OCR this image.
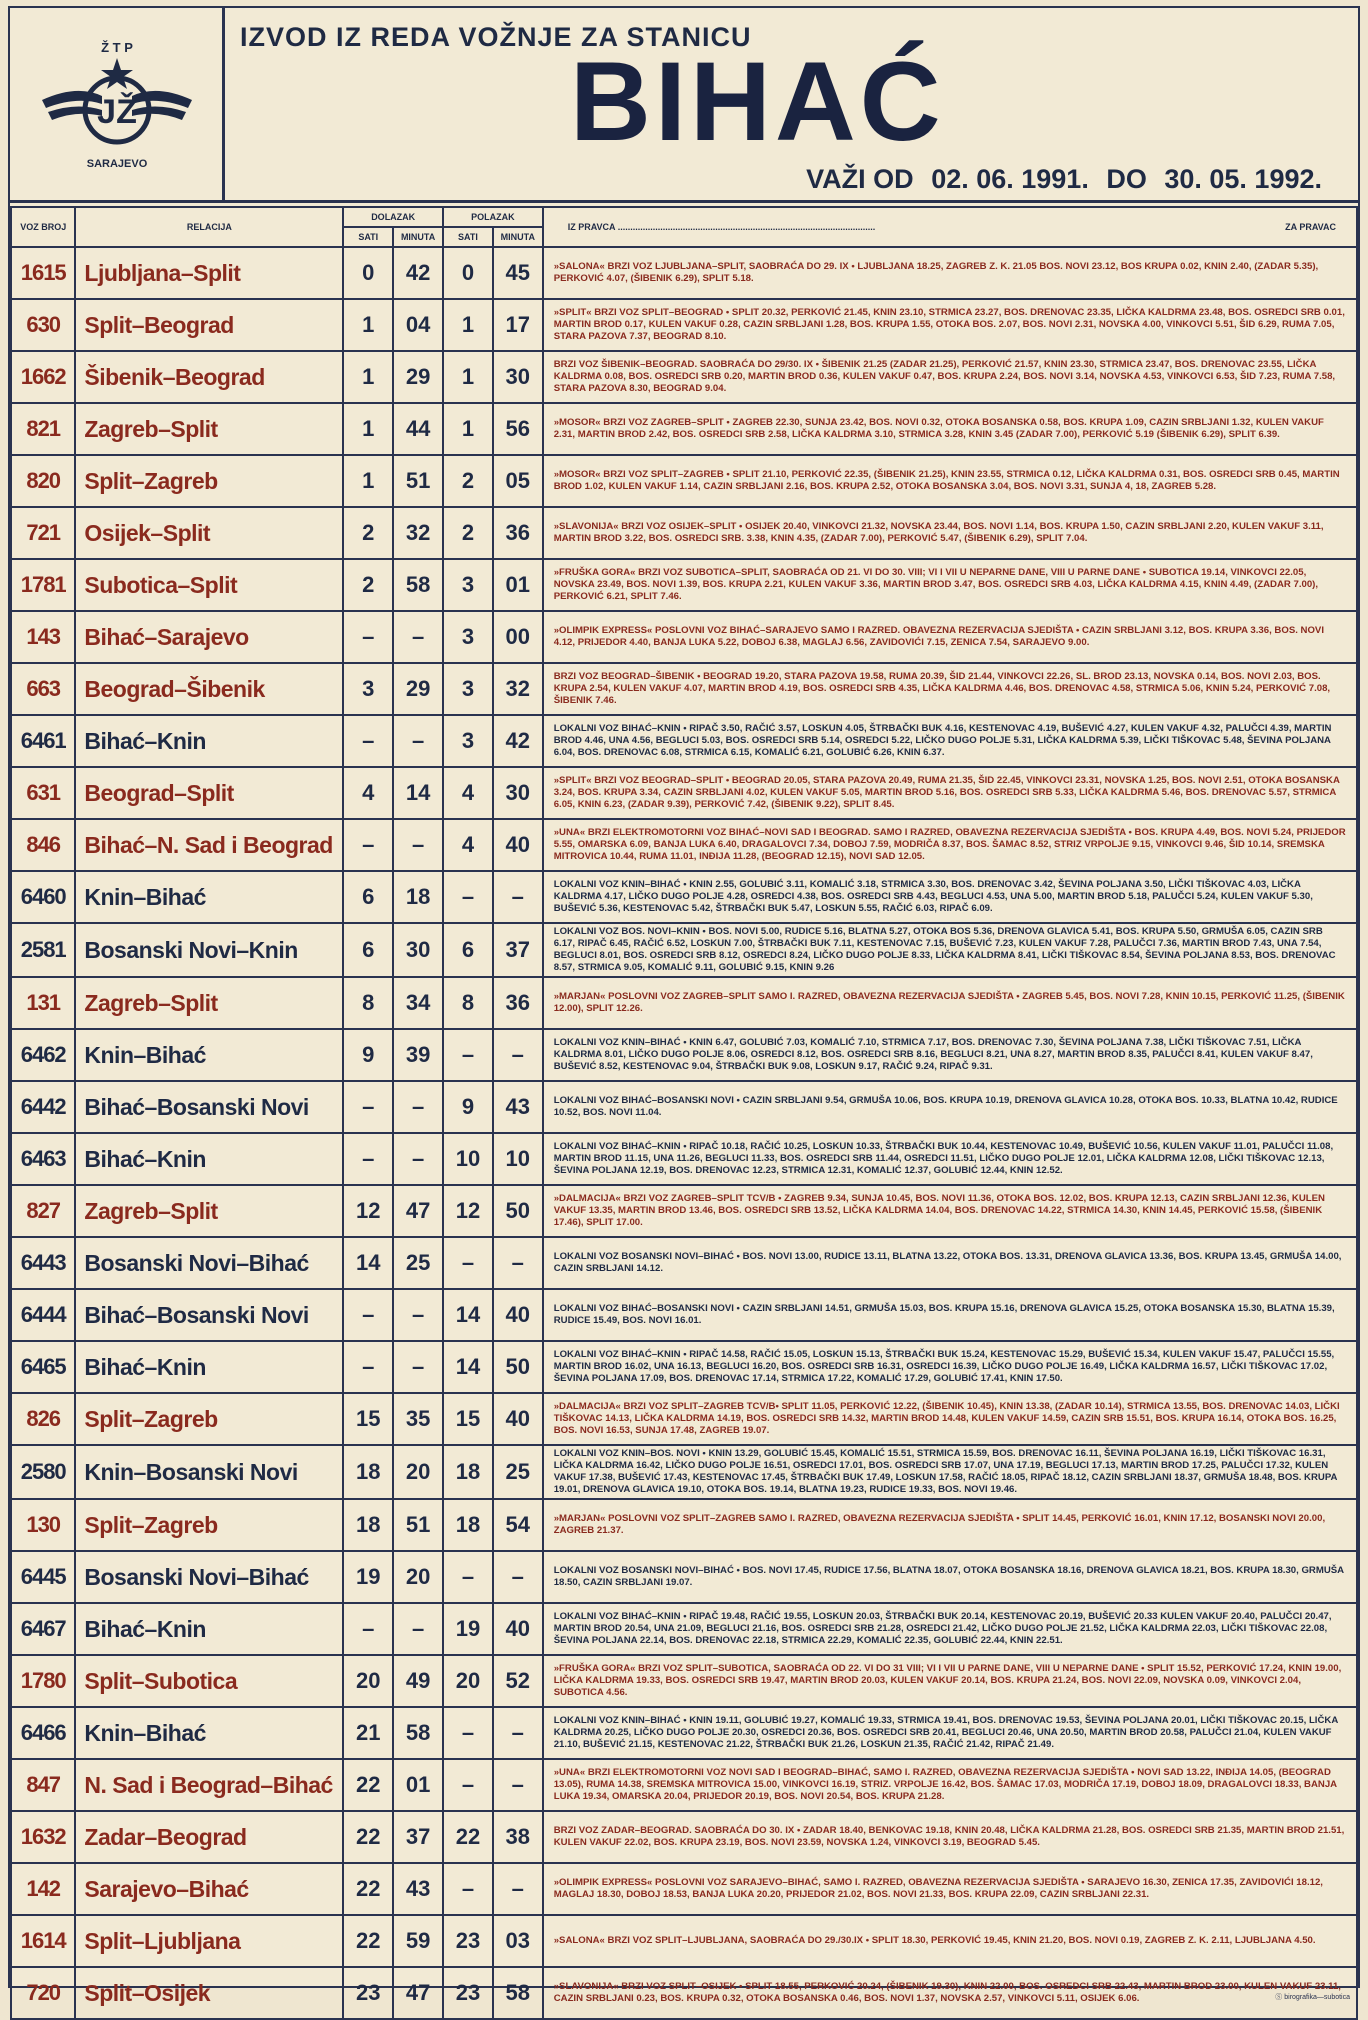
Ž T P
JŽ
SARAJEVO
IZVOD IZ REDA VOŽNJE ZA STANICU
BIHAĆ
VAŽI OD 02. 06. 1991. DO 30. 05. 1992.
VOZ BROJ	RELACIJA	DOLAZAK		POLAZAK		IZ PRAVCA ....................................................................................................... ZA PRAVAC

		SATI	MINUTA	SATI	MINUTA	
1615	Ljubljana–Split	0	42	0	45	»SALONA« BRZI VOZ LJUBLJANA–SPLIT, SAOBRAĆA DO 29. IX • LJUBLJANA 18.25, ZAGREB Z. K. 21.05 BOS. NOVI 23.12, BOS KRUPA 0.02, KNIN 2.40, (ZADAR 5.35), PERKOVIĆ 4.07, (ŠIBENIK 6.29), SPLIT 5.18.
630	Split–Beograd	1	04	1	17	»SPLIT« BRZI VOZ SPLIT–BEOGRAD • SPLIT 20.32, PERKOVIĆ 21.45, KNIN 23.10, STRMICA 23.27, BOS. DRENOVAC 23.35, LIČKA KALDRMA 23.48, BOS. OSREDCI SRB 0.01, MARTIN BROD 0.17, KULEN VAKUF 0.28, CAZIN SRBLJANI 1.28, BOS. KRUPA 1.55, OTOKA BOS. 2.07, BOS. NOVI 2.31, NOVSKA 4.00, VINKOVCI 5.51, ŠID 6.29, RUMA 7.05, STARA PAZOVA 7.37, BEOGRAD 8.10.
1662	Šibenik–Beograd	1	29	1	30	BRZI VOZ ŠIBENIK–BEOGRAD. SAOBRAĆA DO 29/30. IX • ŠIBENIK 21.25 (ZADAR 21.25), PERKOVIĆ 21.57, KNIN 23.30, STRMICA 23.47, BOS. DRENOVAC 23.55, LIČKA KALDRMA 0.08, BOS. OSREDCI SRB 0.20, MARTIN BROD 0.36, KULEN VAKUF 0.47, BOS. KRUPA 2.24, BOS. NOVI 3.14, NOVSKA 4.53, VINKOVCI 6.53, ŠID 7.23, RUMA 7.58, STARA PAZOVA 8.30, BEOGRAD 9.04.
821	Zagreb–Split	1	44	1	56	»MOSOR« BRZI VOZ ZAGREB–SPLIT • ZAGREB 22.30, SUNJA 23.42, BOS. NOVI 0.32, OTOKA BOSANSKA 0.58, BOS. KRUPA 1.09, CAZIN SRBLJANI 1.32, KULEN VAKUF 2.31, MARTIN BROD 2.42, BOS. OSREDCI SRB 2.58, LIČKA KALDRMA 3.10, STRMICA 3.28, KNIN 3.45 (ZADAR 7.00), PERKOVIĆ 5.19 (ŠIBENIK 6.29), SPLIT 6.39.
820	Split–Zagreb	1	51	2	05	»MOSOR« BRZI VOZ SPLIT–ZAGREB • SPLIT 21.10, PERKOVIĆ 22.35, (ŠIBENIK 21.25), KNIN 23.55, STRMICA 0.12, LIČKA KALDRMA 0.31, BOS. OSREDCI SRB 0.45, MARTIN BROD 1.02, KULEN VAKUF 1.14, CAZIN SRBLJANI 2.16, BOS. KRUPA 2.52, OTOKA BOSANSKA 3.04, BOS. NOVI 3.31, SUNJA 4, 18, ZAGREB 5.28.
721	Osijek–Split	2	32	2	36	»SLAVONIJA« BRZI VOZ OSIJEK–SPLIT • OSIJEK 20.40, VINKOVCI 21.32, NOVSKA 23.44, BOS. NOVI 1.14, BOS. KRUPA 1.50, CAZIN SRBLJANI 2.20, KULEN VAKUF 3.11, MARTIN BROD 3.22, BOS. OSREDCI SRB. 3.38, KNIN 4.35, (ZADAR 7.00), PERKOVIĆ 5.47, (ŠIBENIK 6.29), SPLIT 7.04.
1781	Subotica–Split	2	58	3	01	»FRUŠKA GORA« BRZI VOZ SUBOTICA–SPLIT, SAOBRAĆA OD 21. VI DO 30. VIII; VI I VII U NEPARNE DANE, VIII U PARNE DANE • SUBOTICA 19.14, VINKOVCI 22.05, NOVSKA 23.49, BOS. NOVI 1.39, BOS. KRUPA 2.21, KULEN VAKUF 3.36, MARTIN BROD 3.47, BOS. OSREDCI SRB 4.03, LIČKA KALDRMA 4.15, KNIN 4.49, (ZADAR 7.00), PERKOVIĆ 6.21, SPLIT 7.46.
143	Bihać–Sarajevo	–	–	3	00	»OLIMPIK EXPRESS« POSLOVNI VOZ BIHAĆ–SARAJEVO SAMO I RAZRED. OBAVEZNA REZERVACIJA SJEDIŠTA • CAZIN SRBLJANI 3.12, BOS. KRUPA 3.36, BOS. NOVI 4.12, PRIJEDOR 4.40, BANJA LUKA 5.22, DOBOJ 6.38, MAGLAJ 6.56, ZAVIDOVIĆI 7.15, ZENICA 7.54, SARAJEVO 9.00.
663	Beograd–Šibenik	3	29	3	32	BRZI VOZ BEOGRAD–ŠIBENIK • BEOGRAD 19.20, STARA PAZOVA 19.58, RUMA 20.39, ŠID 21.44, VINKOVCI 22.26, SL. BROD 23.13, NOVSKA 0.14, BOS. NOVI 2.03, BOS. KRUPA 2.54, KULEN VAKUF 4.07, MARTIN BROD 4.19, BOS. OSREDCI SRB 4.35, LIČKA KALDRMA 4.46, BOS. DRENOVAC 4.58, STRMICA 5.06, KNIN 5.24, PERKOVIĆ 7.08, ŠIBENIK 7.46.
6461	Bihać–Knin	–	–	3	42	LOKALNI VOZ BIHAĆ–KNIN • RIPAČ 3.50, RAČIĆ 3.57, LOSKUN 4.05, ŠTRBAČKI BUK 4.16, KESTENOVAC 4.19, BUŠEVIĆ 4.27, KULEN VAKUF 4.32, PALUČCI 4.39, MARTIN BROD 4.46, UNA 4.56, BEGLUCI 5.03, BOS. OSREDCI SRB 5.14, OSREDCI 5.22, LIČKO DUGO POLJE 5.31, LIČKA KALDRMA 5.39, LIČKI TIŠKOVAC 5.48, ŠEVINA POLJANA 6.04, BOS. DRENOVAC 6.08, STRMICA 6.15, KOMALIĆ 6.21, GOLUBIĆ 6.26, KNIN 6.37.
631	Beograd–Split	4	14	4	30	»SPLIT« BRZI VOZ BEOGRAD–SPLIT • BEOGRAD 20.05, STARA PAZOVA 20.49, RUMA 21.35, ŠID 22.45, VINKOVCI 23.31, NOVSKA 1.25, BOS. NOVI 2.51, OTOKA BOSANSKA 3.24, BOS. KRUPA 3.34, CAZIN SRBLJANI 4.02, KULEN VAKUF 5.05, MARTIN BROD 5.16, BOS. OSREDCI SRB 5.33, LIČKA KALDRMA 5.46, BOS. DRENOVAC 5.57, STRMICA 6.05, KNIN 6.23, (ZADAR 9.39), PERKOVIĆ 7.42, (ŠIBENIK 9.22), SPLIT 8.45.
846	Bihać–N. Sad i Beograd	–	–	4	40	»UNA« BRZI ELEKTROMOTORNI VOZ BIHAĆ–NOVI SAD I BEOGRAD. SAMO I RAZRED, OBAVEZNA REZERVACIJA SJEDIŠTA • BOS. KRUPA 4.49, BOS. NOVI 5.24, PRIJEDOR 5.55, OMARSKA 6.09, BANJA LUKA 6.40, DRAGALOVCI 7.34, DOBOJ 7.59, MODRIČA 8.37, BOS. ŠAMAC 8.52, STRIZ VRPOLJE 9.15, VINKOVCI 9.46, ŠID 10.14, SREMSKA MITROVICA 10.44, RUMA 11.01, INĐIJA 11.28, (BEOGRAD 12.15), NOVI SAD 12.05.
6460	Knin–Bihać	6	18	–	–	LOKALNI VOZ KNIN–BIHAĆ • KNIN 2.55, GOLUBIĆ 3.11, KOMALIĆ 3.18, STRMICA 3.30, BOS. DRENOVAC 3.42, ŠEVINA POLJANA 3.50, LIČKI TIŠKOVAC 4.03, LIČKA KALDRMA 4.17, LIČKO DUGO POLJE 4.28, OSREDCI 4.38, BOS. OSREDCI SRB 4.43, BEGLUCI 4.53, UNA 5.00, MARTIN BROD 5.18, PALUČCI 5.24, KULEN VAKUF 5.30, BUŠEVIĆ 5.36, KESTENOVAC 5.42, ŠTRBAČKI BUK 5.47, LOSKUN 5.55, RAČIĆ 6.03, RIPAČ 6.09.
2581	Bosanski Novi–Knin	6	30	6	37	LOKALNI VOZ BOS. NOVI–KNIN • BOS. NOVI 5.00, RUDICE 5.16, BLATNA 5.27, OTOKA BOS 5.36, DRENOVA GLAVICA 5.41, BOS. KRUPA 5.50, GRMUŠA 6.05, CAZIN SRB 6.17, RIPAČ 6.45, RAČIĆ 6.52, LOSKUN 7.00, ŠTRBAČKI BUK 7.11, KESTENOVAC 7.15, BUŠEVIĆ 7.23, KULEN VAKUF 7.28, PALUČCI 7.36, MARTIN BROD 7.43, UNA 7.54, BEGLUCI 8.01, BOS. OSREDCI SRB 8.12, OSREDCI 8.24, LIČKO DUGO POLJE 8.33, LIČKA KALDRMA 8.41, LIČKI TIŠKOVAC 8.54, ŠEVINA POLJANA 8.53, BOS. DRENOVAC 8.57, STRMICA 9.05, KOMALIĆ 9.11, GOLUBIĆ 9.15, KNIN 9.26
131	Zagreb–Split	8	34	8	36	»MARJAN« POSLOVNI VOZ ZAGREB–SPLIT SAMO I. RAZRED, OBAVEZNA REZERVACIJA SJEDIŠTA • ZAGREB 5.45, BOS. NOVI 7.28, KNIN 10.15, PERKOVIĆ 11.25, (ŠIBENIK 12.00), SPLIT 12.26.
6462	Knin–Bihać	9	39	–	–	LOKALNI VOZ KNIN–BIHAĆ • KNIN 6.47, GOLUBIĆ 7.03, KOMALIĆ 7.10, STRMICA 7.17, BOS. DRENOVAC 7.30, ŠEVINA POLJANA 7.38, LIČKI TIŠKOVAC 7.51, LIČKA KALDRMA 8.01, LIČKO DUGO POLJE 8.06, OSREDCI 8.12, BOS. OSREDCI SRB 8.16, BEGLUCI 8.21, UNA 8.27, MARTIN BROD 8.35, PALUČCI 8.41, KULEN VAKUF 8.47, BUŠEVIĆ 8.52, KESTENOVAC 9.04, ŠTRBAČKI BUK 9.08, LOSKUN 9.17, RAČIĆ 9.24, RIPAČ 9.31.
6442	Bihać–Bosanski Novi	–	–	9	43	LOKALNI VOZ BIHAĆ–BOSANSKI NOVI • CAZIN SRBLJANI 9.54, GRMUŠA 10.06, BOS. KRUPA 10.19, DRENOVA GLAVICA 10.28, OTOKA BOS. 10.33, BLATNA 10.42, RUDICE 10.52, BOS. NOVI 11.04.
6463	Bihać–Knin	–	–	10	10	LOKALNI VOZ BIHAĆ–KNIN • RIPAČ 10.18, RAČIĆ 10.25, LOSKUN 10.33, ŠTRBAČKI BUK 10.44, KESTENOVAC 10.49, BUŠEVIĆ 10.56, KULEN VAKUF 11.01, PALUČCI 11.08, MARTIN BROD 11.15, UNA 11.26, BEGLUCI 11.33, BOS. OSREDCI SRB 11.44, OSREDCI 11.51, LIČKO DUGO POLJE 12.01, LIČKA KALDRMA 12.08, LIČKI TIŠKOVAC 12.13, ŠEVINA POLJANA 12.19, BOS. DRENOVAC 12.23, STRMICA 12.31, KOMALIĆ 12.37, GOLUBIĆ 12.44, KNIN 12.52.
827	Zagreb–Split	12	47	12	50	»DALMACIJA« BRZI VOZ ZAGREB–SPLIT TCV/B • ZAGREB 9.34, SUNJA 10.45, BOS. NOVI 11.36, OTOKA BOS. 12.02, BOS. KRUPA 12.13, CAZIN SRBLJANI 12.36, KULEN VAKUF 13.35, MARTIN BROD 13.46, BOS. OSREDCI SRB 13.52, LIČKA KALDRMA 14.04, BOS. DRENOVAC 14.22, STRMICA 14.30, KNIN 14.45, PERKOVIĆ 15.58, (ŠIBENIK 17.46), SPLIT 17.00.
6443	Bosanski Novi–Bihać	14	25	–	–	LOKALNI VOZ BOSANSKI NOVI–BIHAĆ • BOS. NOVI 13.00, RUDICE 13.11, BLATNA 13.22, OTOKA BOS. 13.31, DRENOVA GLAVICA 13.36, BOS. KRUPA 13.45, GRMUŠA 14.00, CAZIN SRBLJANI 14.12.
6444	Bihać–Bosanski Novi	–	–	14	40	LOKALNI VOZ BIHAĆ–BOSANSKI NOVI • CAZIN SRBLJANI 14.51, GRMUŠA 15.03, BOS. KRUPA 15.16, DRENOVA GLAVICA 15.25, OTOKA BOSANSKA 15.30, BLATNA 15.39, RUDICE 15.49, BOS. NOVI 16.01.
6465	Bihać–Knin	–	–	14	50	LOKALNI VOZ BIHAĆ–KNIN • RIPAČ 14.58, RAČIĆ 15.05, LOSKUN 15.13, ŠTRBAČKI BUK 15.24, KESTENOVAC 15.29, BUŠEVIĆ 15.34, KULEN VAKUF 15.47, PALUČCI 15.55, MARTIN BROD 16.02, UNA 16.13, BEGLUCI 16.20, BOS. OSREDCI SRB 16.31, OSREDCI 16.39, LIČKO DUGO POLJE 16.49, LIČKA KALDRMA 16.57, LIČKI TIŠKOVAC 17.02, ŠEVINA POLJANA 17.09, BOS. DRENOVAC 17.14, STRMICA 17.22, KOMALIĆ 17.29, GOLUBIĆ 17.41, KNIN 17.50.
826	Split–Zagreb	15	35	15	40	»DALMACIJA« BRZI VOZ SPLIT–ZAGREB TCV/B• SPLIT 11.05, PERKOVIĆ 12.22, (ŠIBENIK 10.45), KNIN 13.38, (ZADAR 10.14), STRMICA 13.55, BOS. DRENOVAC 14.03, LIČKI TIŠKOVAC 14.13, LIČKA KALDRMA 14.19, BOS. OSREDCI SRB 14.32, MARTIN BROD 14.48, KULEN VAKUF 14.59, CAZIN SRB 15.51, BOS. KRUPA 16.14, OTOKA BOS. 16.25, BOS. NOVI 16.53, SUNJA 17.48, ZAGREB 19.07.
2580	Knin–Bosanski Novi	18	20	18	25	LOKALNI VOZ KNIN–BOS. NOVI • KNIN 13.29, GOLUBIĆ 15.45, KOMALIĆ 15.51, STRMICA 15.59, BOS. DRENOVAC 16.11, ŠEVINA POLJANA 16.19, LIČKI TIŠKOVAC 16.31, LIČKA KALDRMA 16.42, LIČKO DUGO POLJE 16.51, OSREDCI 17.01, BOS. OSREDCI SRB 17.07, UNA 17.19, BEGLUCI 17.13, MARTIN BROD 17.25, PALUČCI 17.32, KULEN VAKUF 17.38, BUŠEVIĆ 17.43, KESTENOVAC 17.45, ŠTRBAČKI BUK 17.49, LOSKUN 17.58, RAČIĆ 18.05, RIPAČ 18.12, CAZIN SRBLJANI 18.37, GRMUŠA 18.48, BOS. KRUPA 19.01, DRENOVA GLAVICA 19.10, OTOKA BOS. 19.14, BLATNA 19.23, RUDICE 19.33, BOS. NOVI 19.46.
130	Split–Zagreb	18	51	18	54	»MARJAN« POSLOVNI VOZ SPLIT–ZAGREB SAMO I. RAZRED, OBAVEZNA REZERVACIJA SJEDIŠTA • SPLIT 14.45, PERKOVIĆ 16.01, KNIN 17.12, BOSANSKI NOVI 20.00, ZAGREB 21.37.
6445	Bosanski Novi–Bihać	19	20	–	–	LOKALNI VOZ BOSANSKI NOVI–BIHAĆ • BOS. NOVI 17.45, RUDICE 17.56, BLATNA 18.07, OTOKA BOSANSKA 18.16, DRENOVA GLAVICA 18.21, BOS. KRUPA 18.30, GRMUŠA 18.50, CAZIN SRBLJANI 19.07.
6467	Bihać–Knin	–	–	19	40	LOKALNI VOZ BIHAĆ–KNIN • RIPAČ 19.48, RAČIĆ 19.55, LOSKUN 20.03, ŠTRBAČKI BUK 20.14, KESTENOVAC 20.19, BUŠEVIĆ 20.33 KULEN VAKUF 20.40, PALUČCI 20.47, MARTIN BROD 20.54, UNA 21.09, BEGLUCI 21.16, BOS. OSREDCI SRB 21.28, OSREDCI 21.42, LIČKO DUGO POLJE 21.52, LIČKA KALDRMA 22.03, LIČKI TIŠKOVAC 22.08, ŠEVINA POLJANA 22.14, BOS. DRENOVAC 22.18, STRMICA 22.29, KOMALIĆ 22.35, GOLUBIĆ 22.44, KNIN 22.51.
1780	Split–Subotica	20	49	20	52	»FRUŠKA GORA« BRZI VOZ SPLIT–SUBOTICA, SAOBRAĆA OD 22. VI DO 31 VIII; VI I VII U PARNE DANE, VIII U NEPARNE DANE • SPLIT 15.52, PERKOVIĆ 17.24, KNIN 19.00, LIČKA KALDRMA 19.33, BOS. OSREDCI SRB 19.47, MARTIN BROD 20.03, KULEN VAKUF 20.14, BOS. KRUPA 21.24, BOS. NOVI 22.09, NOVSKA 0.09, VINKOVCI 2.04, SUBOTICA 4.56.
6466	Knin–Bihać	21	58	–	–	LOKALNI VOZ KNIN–BIHAĆ • KNIN 19.11, GOLUBIĆ 19.27, KOMALIĆ 19.33, STRMICA 19.41, BOS. DRENOVAC 19.53, ŠEVINA POLJANA 20.01, LIČKI TIŠKOVAC 20.15, LIČKA KALDRMA 20.25, LIČKO DUGO POLJE 20.30, OSREDCI 20.36, BOS. OSREDCI SRB 20.41, BEGLUCI 20.46, UNA 20.50, MARTIN BROD 20.58, PALUČCI 21.04, KULEN VAKUF 21.10, BUŠEVIĆ 21.15, KESTENOVAC 21.22, ŠTRBAČKI BUK 21.26, LOSKUN 21.35, RAČIĆ 21.42, RIPAČ 21.49.
847	N. Sad i Beograd–Bihać	22	01	–	–	»UNA« BRZI ELEKTROMOTORNI VOZ NOVI SAD I BEOGRAD–BIHAĆ, SAMO I. RAZRED, OBAVEZNA REZERVACIJA SJEDIŠTA • NOVI SAD 13.22, INĐIJA 14.05, (BEOGRAD 13.05), RUMA 14.38, SREMSKA MITROVICA 15.00, VINKOVCI 16.19, STRIZ. VRPOLJE 16.42, BOS. ŠAMAC 17.03, MODRIČA 17.19, DOBOJ 18.09, DRAGALOVCI 18.33, BANJA LUKA 19.34, OMARSKA 20.04, PRIJEDOR 20.19, BOS. NOVI 20.54, BOS. KRUPA 21.28.
1632	Zadar–Beograd	22	37	22	38	BRZI VOZ ZADAR–BEOGRAD. SAOBRAĆA DO 30. IX • ZADAR 18.40, BENKOVAC 19.18, KNIN 20.48, LIČKA KALDRMA 21.28, BOS. OSREDCI SRB 21.35, MARTIN BROD 21.51, KULEN VAKUF 22.02, BOS. KRUPA 23.19, BOS. NOVI 23.59, NOVSKA 1.24, VINKOVCI 3.19, BEOGRAD 5.45.
142	Sarajevo–Bihać	22	43	–	–	»OLIMPIK EXPRESS« POSLOVNI VOZ SARAJEVO–BIHAĆ, SAMO I. RAZRED, OBAVEZNA REZERVACIJA SJEDIŠTA • SARAJEVO 16.30, ZENICA 17.35, ZAVIDOVIĆI 18.12, MAGLAJ 18.30, DOBOJ 18.53, BANJA LUKA 20.20, PRIJEDOR 21.02, BOS. NOVI 21.33, BOS. KRUPA 22.09, CAZIN SRBLJANI 22.31.
1614	Split–Ljubljana	22	59	23	03	»SALONA« BRZI VOZ SPLIT–LJUBLJANA, SAOBRAĆA DO 29./30.IX • SPLIT 18.30, PERKOVIĆ 19.45, KNIN 21.20, BOS. NOVI 0.19, ZAGREB Z. K. 2.11, LJUBLJANA 4.50.
720	Split–Osijek	23	47	23	58	»SLAVONIJA« BRZI VOZ SPLIT–OSIJEK • SPLIT 18.55, PERKOVIĆ 20.24, (ŠIBENIK 19.30), KNIN 22.00, BOS. OSREDCI SRB 22.43, MARTIN BROD 23.00, KULEN VAKUF 23.11, CAZIN SRBLJANI 0.23, BOS. KRUPA 0.32, OTOKA BOSANSKA 0.46, BOS. NOVI 1.37, NOVSKA 2.57, VINKOVCI 5.11, OSIJEK 6.06.	Ⓢ birografika—subotica
